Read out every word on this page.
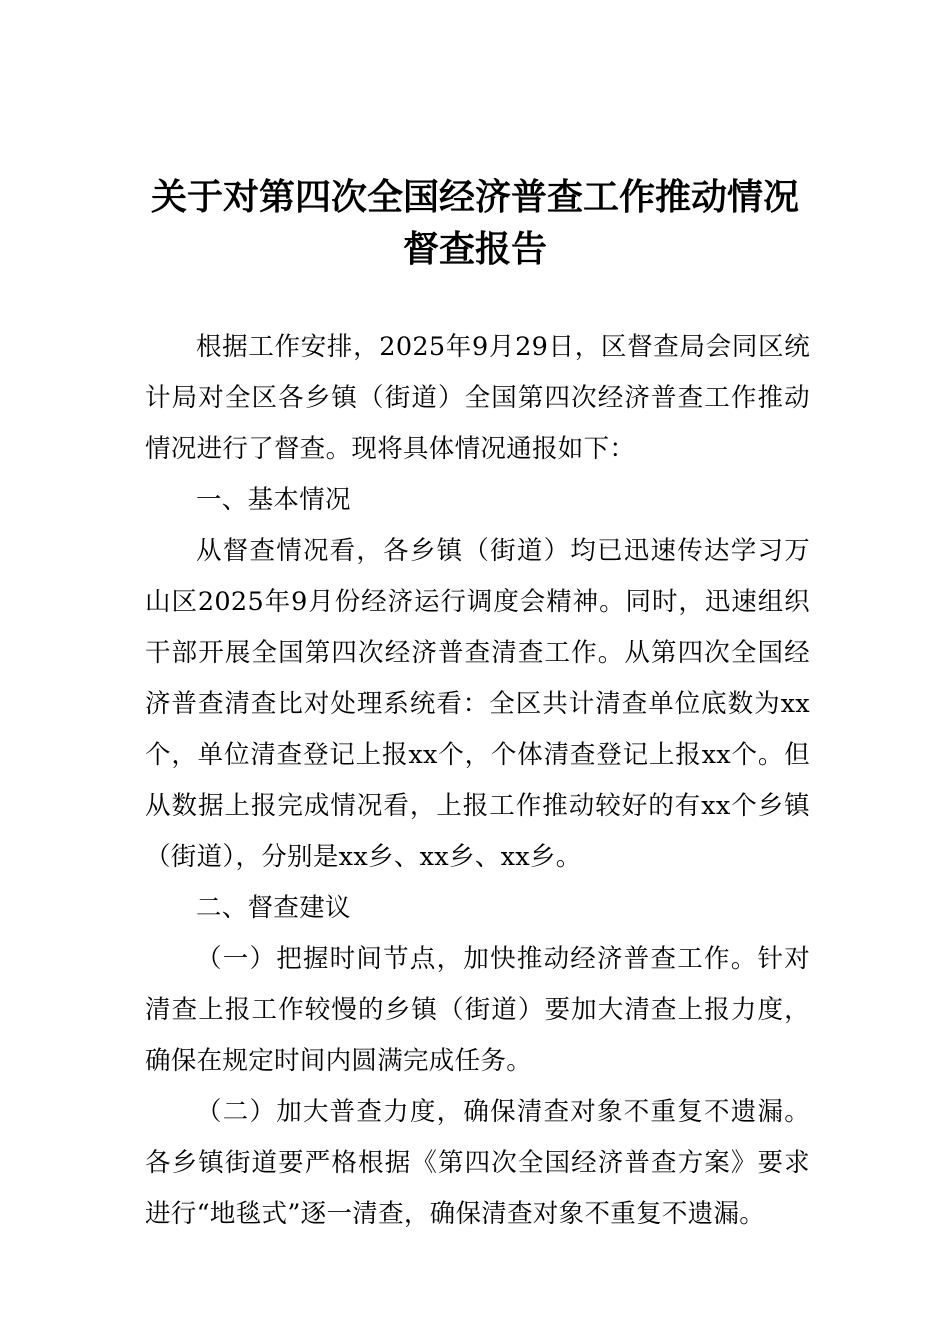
关于对第四次全国经济普查工作推动情况
督查报告

根据工作安排，2025年9月29日，区督查局会同区统计局对全区各乡镇（街道）全国第四次经济普查工作推动情况进行了督查。现将具体情况通报如下：

一、基本情况

从督查情况看，各乡镇（街道）均已迅速传达学习万山区2025年9月份经济运行调度会精神。同时，迅速组织干部开展全国第四次经济普查清查工作。从第四次全国经济普查清查比对处理系统看：全区共计清查单位底数为xx个，单位清查登记上报xx个，个体清查登记上报xx个。但从数据上报完成情况看，上报工作推动较好的有xx个乡镇（街道），分别是xx乡、xx乡、xx乡。

二、督查建议

（一）把握时间节点，加快推动经济普查工作。针对清查上报工作较慢的乡镇（街道）要加大清查上报力度，确保在规定时间内圆满完成任务。

（二）加大普查力度，确保清查对象不重复不遗漏。各乡镇街道要严格根据《第四次全国经济普查方案》要求进行“地毯式”逐一清查，确保清查对象不重复不遗漏。
